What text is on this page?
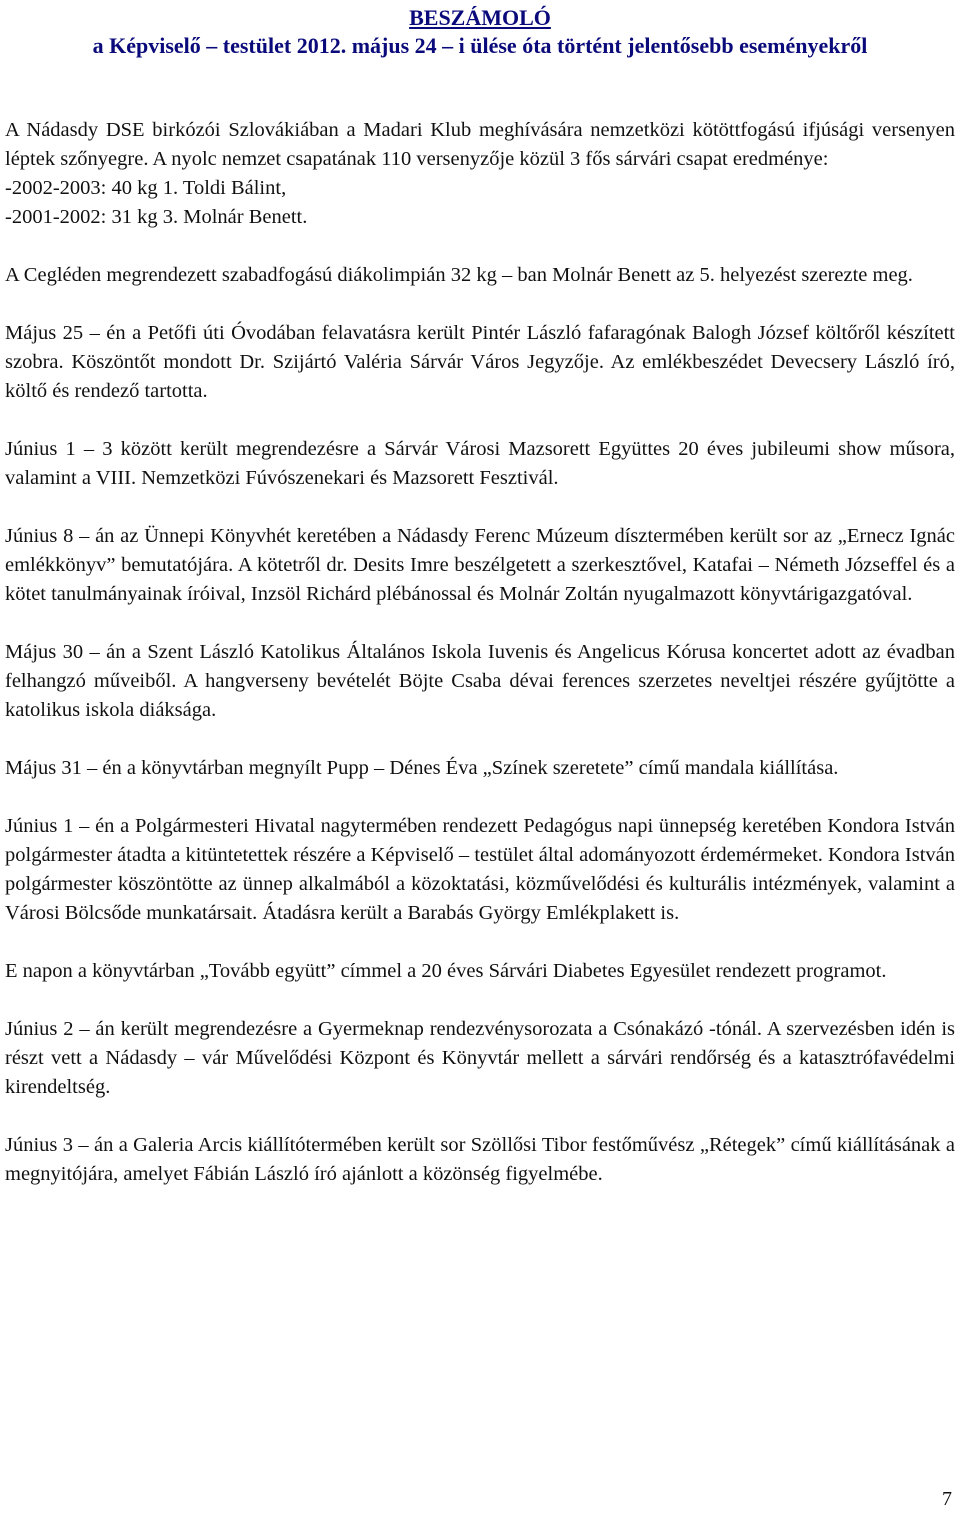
BESZÁMOLÓ
a Képviselő – testület 2012. május 24 – i ülése óta történt jelentősebb eseményekről
A Nádasdy DSE birkózói Szlovákiában a Madari Klub meghívására nemzetközi kötöttfogású ifjúsági versenyen léptek szőnyegre. A nyolc nemzet csapatának 110 versenyzője közül 3 fős sárvári csapat eredménye:
-2002-2003: 40 kg 1. Toldi Bálint,
-2001-2002: 31 kg 3. Molnár Benett.
A Cegléden megrendezett szabadfogású diákolimpián 32 kg – ban Molnár Benett az 5. helyezést szerezte meg.
Május 25 – én a Petőfi úti Óvodában felavatásra került Pintér László fafaragónak Balogh József költőről készített szobra. Köszöntőt mondott Dr. Szijártó Valéria Sárvár Város Jegyzője. Az emlékbeszédet Devecsery László író, költő és rendező tartotta.
Június 1 – 3 között került megrendezésre a Sárvár Városi Mazsorett Együttes 20 éves jubileumi show műsora, valamint a VIII. Nemzetközi Fúvószenekari és Mazsorett Fesztivál.
Június 8 – án az Ünnepi Könyvhét keretében a Nádasdy Ferenc Múzeum dísztermében került sor az „Ernecz Ignác emlékkönyv” bemutatójára. A kötetről dr. Desits Imre beszélgetett a szerkesztővel, Katafai – Németh Józseffel és a kötet tanulmányainak íróival, Inzsöl Richárd plébánossal és Molnár Zoltán nyugalmazott könyvtárigazgatóval.
Május 30 – án a Szent László Katolikus Általános Iskola Iuvenis és Angelicus Kórusa koncertet adott az évadban felhangzó műveiből. A hangverseny bevételét Böjte Csaba dévai ferences szerzetes neveltjei részére gyűjtötte a katolikus iskola diáksága.
Május 31 – én a könyvtárban megnyílt Pupp – Dénes Éva „Színek szeretete” című mandala kiállítása.
Június 1 – én a Polgármesteri Hivatal nagytermében rendezett Pedagógus napi ünnepség keretében Kondora István polgármester átadta a kitüntetettek részére a Képviselő – testület által adományozott érdemérmeket. Kondora István polgármester köszöntötte az ünnep alkalmából a közoktatási, közművelődési és kulturális intézmények, valamint a Városi Bölcsőde munkatársait. Átadásra került a Barabás György Emlékplakett is.
E napon a könyvtárban „Tovább együtt” címmel a 20 éves Sárvári Diabetes Egyesület rendezett programot.
Június 2 – án került megrendezésre a Gyermeknap rendezvénysorozata a Csónakázó -tónál. A szervezésben idén is részt vett a Nádasdy – vár Művelődési Központ és Könyvtár mellett a sárvári rendőrség és a katasztrófavédelmi kirendeltség.
Június 3 – án a Galeria Arcis kiállítótermében került sor Szöllősi Tibor festőművész „Rétegek” című kiállításának a megnyitójára, amelyet Fábián László író ajánlott a közönség figyelmébe.
7
